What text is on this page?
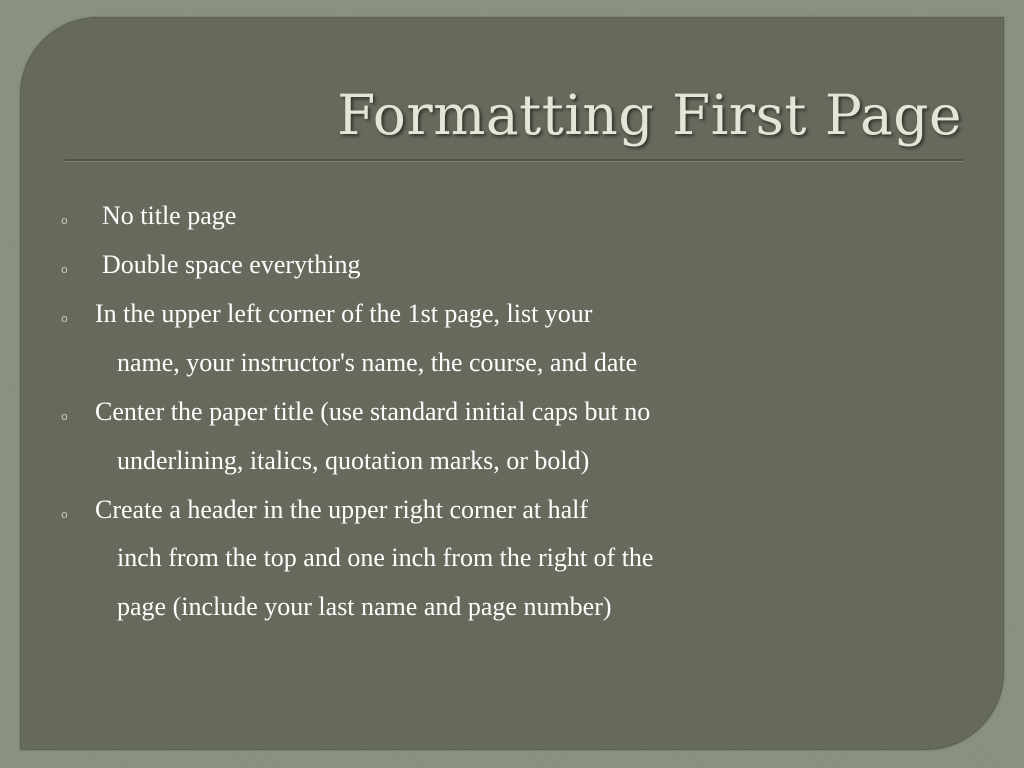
Formatting First Page
o No title page
o Double space everything
o In the upper left corner of the 1st page, list your
name, your instructor's name, the course, and date
o Center the paper title (use standard initial caps but no
underlining, italics, quotation marks, or bold)
o Create a header in the upper right corner at half
inch from the top and one inch from the right of the
page (include your last name and page number)
